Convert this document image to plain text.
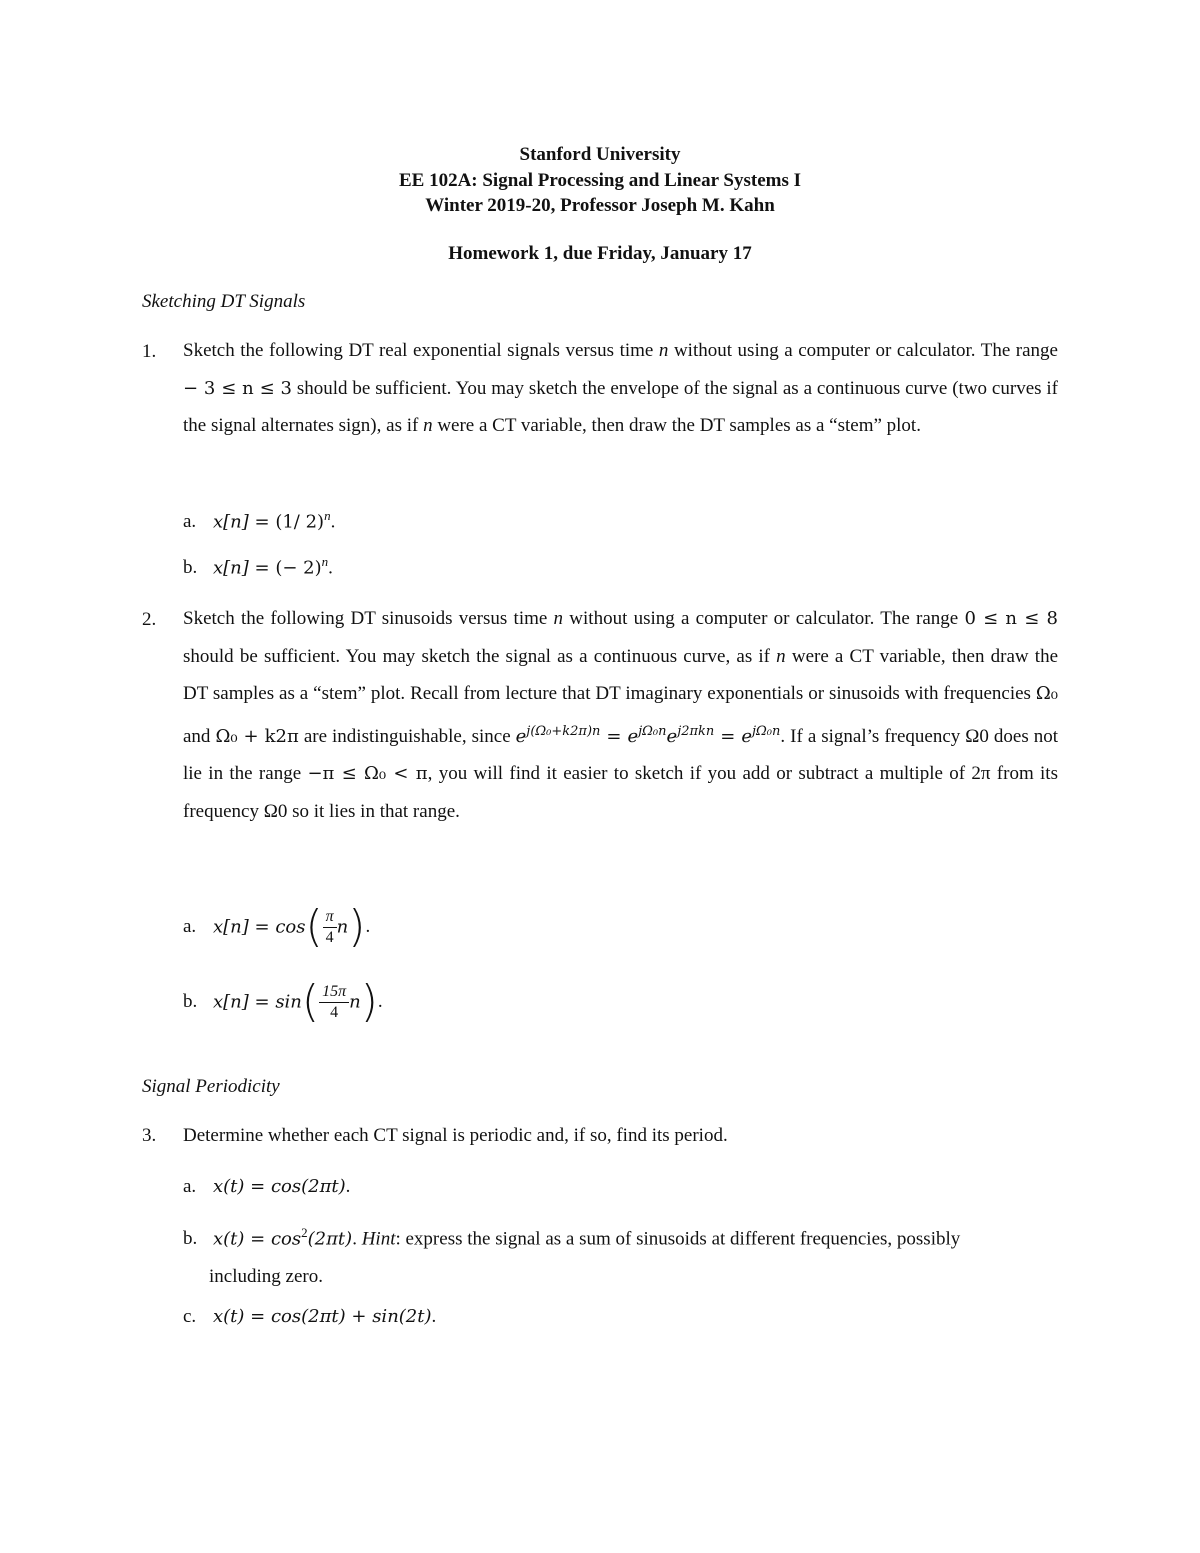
Stanford University
EE 102A: Signal Processing and Linear Systems I
Winter 2019-20, Professor Joseph M. Kahn
Homework 1, due Friday, January 17
Sketching DT Signals
1. Sketch the following DT real exponential signals versus time n without using a computer or calculator. The range − 3 ≤ n ≤ 3 should be sufficient. You may sketch the envelope of the signal as a continuous curve (two curves if the signal alternates sign), as if n were a CT variable, then draw the DT samples as a “stem” plot.
a. x[n] = (1/ 2)$^n$.
b. x[n] = (− 2)$^n$.
2. Sketch the following DT sinusoids versus time n without using a computer or calculator. The range 0 ≤ n ≤ 8 should be sufficient. You may sketch the signal as a continuous curve, as if n were a CT variable, then draw the DT samples as a “stem” plot. Recall from lecture that DT imaginary exponentials or sinusoids with frequencies Ω₀ and Ω₀ + k2π are indistinguishable, since $e^{j(\Omega_0+k2\pi)n} = e^{j\Omega_0n}e^{j2\pi kn} = e^{j\Omega_0n}$. If a signal’s frequency Ω0 does not lie in the range −π ≤ Ω₀ < π, you will find it easier to sketch if you add or subtract a multiple of 2π from its frequency Ω0 so it lies in that range.
a. $x[n] = \cos( \frac{\pi}{4} n)$.
b. $x[n] = \sin( \frac{15\pi}{4} n)$.
Signal Periodicity
3. Determine whether each CT signal is periodic and, if so, find its period.
a. x(t) = cos(2πt).
b. $x(t) = \cos^2(2\pi t)$. Hint: express the signal as a sum of sinusoids at different frequencies, possibly
including zero.
c. x(t) = cos(2πt) + sin(2t).
